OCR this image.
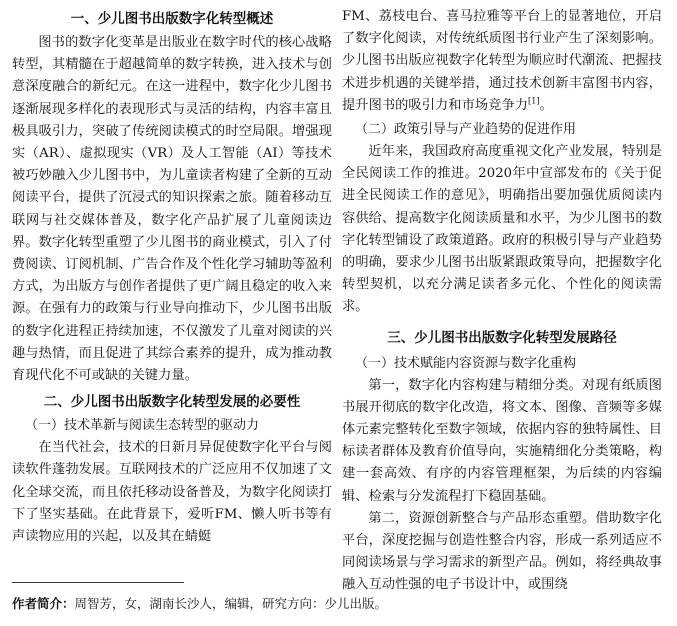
一、少儿图书出版数字化转型概述

图书的数字化变革是出版业在数字时代的核心战略转型，其精髓在于超越简单的数字转换，进入技术与创意深度融合的新纪元。在这一进程中，数字化少儿图书逐渐展现多样化的表现形式与灵活的结构，内容丰富且极具吸引力，突破了传统阅读模式的时空局限。增强现实（AR）、虚拟现实（VR）及人工智能（AI）等技术被巧妙融入少儿图书中，为儿童读者构建了全新的互动阅读平台，提供了沉浸式的知识探索之旅。随着移动互联网与社交媒体普及，数字化产品扩展了儿童阅读边界。数字化转型重塑了少儿图书的商业模式，引入了付费阅读、订阅机制、广告合作及个性化学习辅助等盈利方式，为出版方与创作者提供了更广阔且稳定的收入来源。在强有力的政策与行业导向推动下，少儿图书出版的数字化进程正持续加速，不仅激发了儿童对阅读的兴趣与热情，而且促进了其综合素养的提升，成为推动教育现代化不可或缺的关键力量。

二、少儿图书出版数字化转型发展的必要性
（一）技术革新与阅读生态转型的驱动力

在当代社会，技术的日新月异促使数字化平台与阅读软件蓬勃发展。互联网技术的广泛应用不仅加速了文化全球交流，而且依托移动设备普及，为数字化阅读打下了坚实基础。在此背景下，爱听FM、懒人听书等有声读物应用的兴起，以及其在蜻蜓

FM、荔枝电台、喜马拉雅等平台上的显著地位，开启了数字化阅读，对传统纸质图书行业产生了深刻影响。少儿图书出版应视数字化转型为顺应时代潮流、把握技术进步机遇的关键举措，通过技术创新丰富图书内容，提升图书的吸引力和市场竞争力[1]。

（二）政策引导与产业趋势的促进作用

近年来，我国政府高度重视文化产业发展，特别是全民阅读工作的推进。2020年中宣部发布的《关于促进全民阅读工作的意见》，明确指出要加强优质阅读内容供给、提高数字化阅读质量和水平，为少儿图书的数字化转型铺设了政策道路。政府的积极引导与产业趋势的明确，要求少儿图书出版紧跟政策导向，把握数字化转型契机，以充分满足读者多元化、个性化的阅读需求。

三、少儿图书出版数字化转型发展路径
（一）技术赋能内容资源与数字化重构

第一，数字化内容构建与精细分类。对现有纸质图书展开彻底的数字化改造，将文本、图像、音频等多媒体元素完整转化至数字领域，依据内容的独特属性、目标读者群体及教育价值导向，实施精细化分类策略，构建一套高效、有序的内容管理框架，为后续的内容编辑、检索与分发流程打下稳固基础。

第二，资源创新整合与产品形态重塑。借助数字化平台，深度挖掘与创造性整合内容，形成一系列适应不同阅读场景与学习需求的新型产品。例如，将经典故事融入互动性强的电子书设计中，或围绕

作者简介：周智芳，女，湖南长沙人，编辑，研究方向：少儿出版。
